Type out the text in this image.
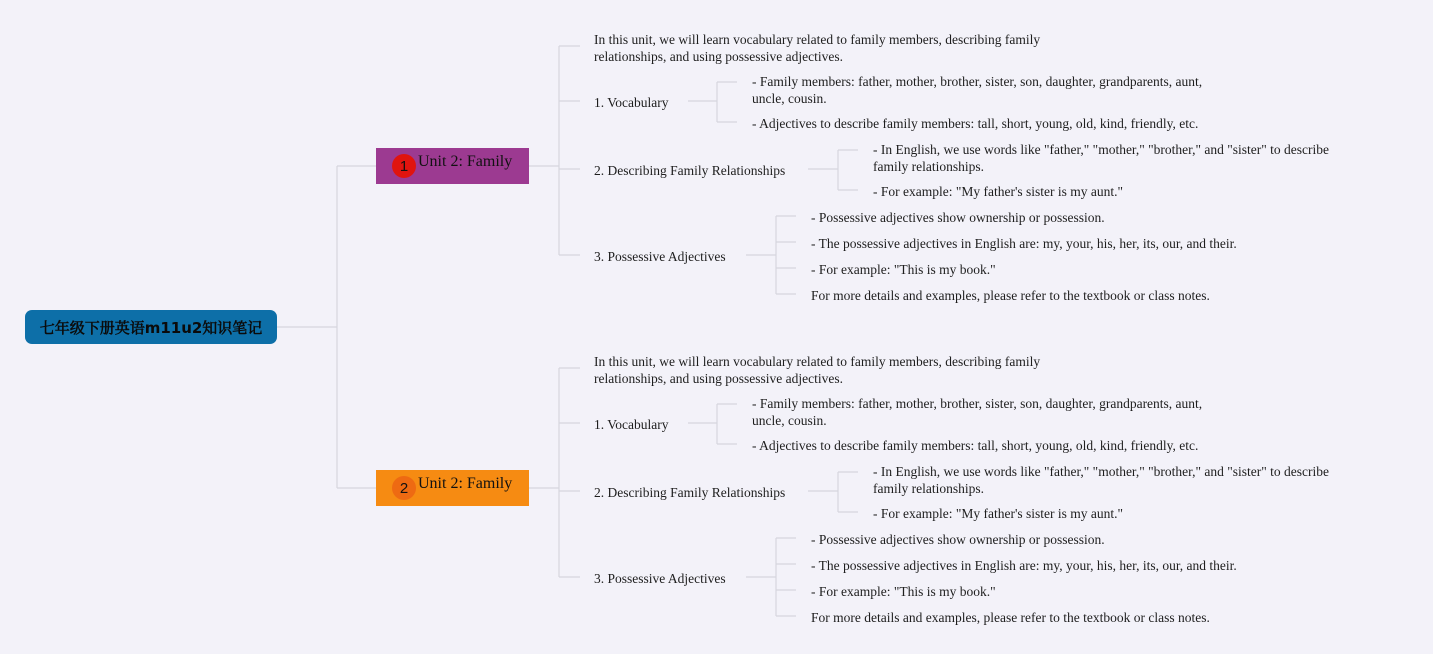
七年级下册英语m11u2知识笔记
1 Unit 2: Family
In this unit, we will learn vocabulary related to family members, describing family relationships, and using possessive adjectives.
1. Vocabulary
- Family members: father, mother, brother, sister, son, daughter, grandparents, aunt, uncle, cousin.
- Adjectives to describe family members: tall, short, young, old, kind, friendly, etc.
2. Describing Family Relationships
- In English, we use words like "father," "mother," "brother," and "sister" to describe family relationships.
- For example: "My father's sister is my aunt."
3. Possessive Adjectives
- Possessive adjectives show ownership or possession.
- The possessive adjectives in English are: my, your, his, her, its, our, and their.
- For example: "This is my book."
For more details and examples, please refer to the textbook or class notes.
2 Unit 2: Family
In this unit, we will learn vocabulary related to family members, describing family relationships, and using possessive adjectives.
1. Vocabulary
- Family members: father, mother, brother, sister, son, daughter, grandparents, aunt, uncle, cousin.
- Adjectives to describe family members: tall, short, young, old, kind, friendly, etc.
2. Describing Family Relationships
- In English, we use words like "father," "mother," "brother," and "sister" to describe family relationships.
- For example: "My father's sister is my aunt."
3. Possessive Adjectives
- Possessive adjectives show ownership or possession.
- The possessive adjectives in English are: my, your, his, her, its, our, and their.
- For example: "This is my book."
For more details and examples, please refer to the textbook or class notes.
